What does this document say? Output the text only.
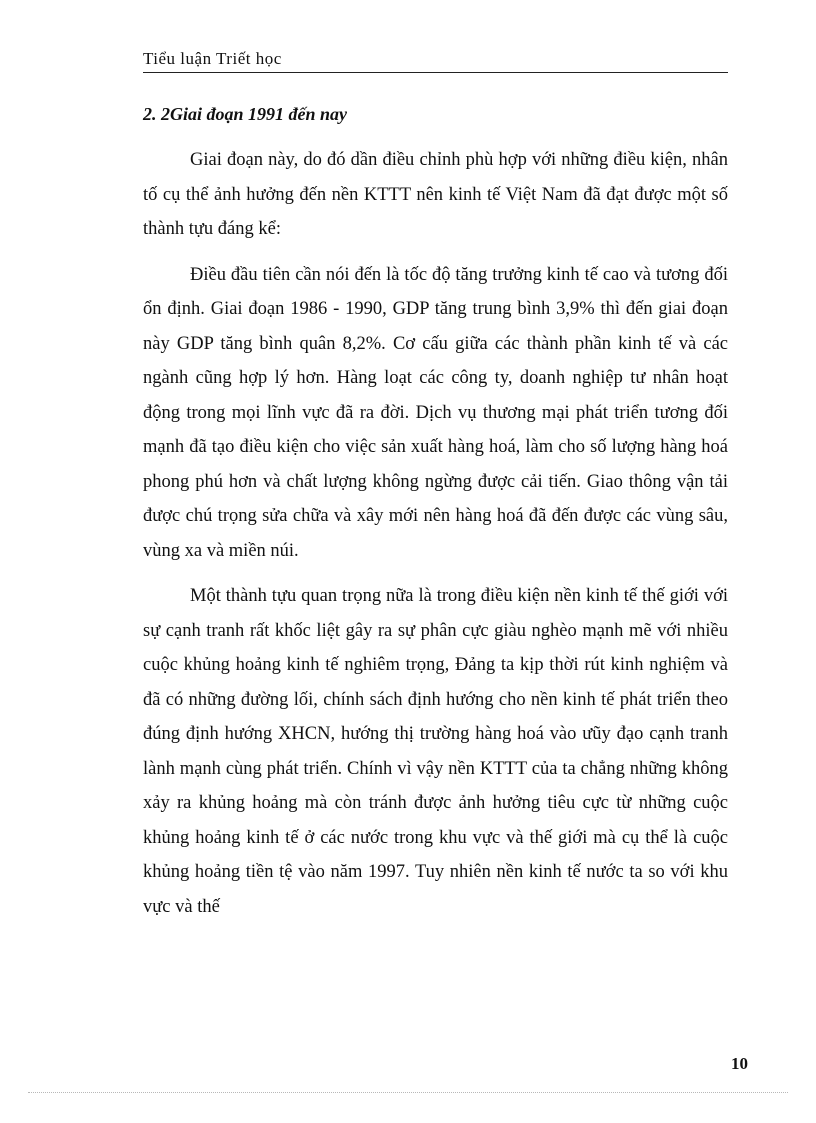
Tiểu luận Triết học
2. 2Giai đoạn 1991 đến nay

Giai đoạn này, do đó dần điều chỉnh phù hợp với những điều kiện, nhân tố cụ thể ảnh hưởng đến nền KTTT nên kinh tế Việt Nam đã đạt được một số thành tựu đáng kể:

Điều đầu tiên cần nói đến là tốc độ tăng trưởng kinh tế cao và tương đối ổn định. Giai đoạn 1986 - 1990, GDP tăng trung bình 3,9% thì đến giai đoạn này GDP tăng bình quân 8,2%. Cơ cấu giữa các thành phần kinh tế và các ngành cũng hợp lý hơn. Hàng loạt các công ty, doanh nghiệp tư nhân hoạt động trong mọi lĩnh vực đã ra đời. Dịch vụ thương mại phát triển tương đối mạnh đã tạo điều kiện cho việc sản xuất hàng hoá, làm cho số lượng hàng hoá phong phú hơn và chất lượng không ngừng được cải tiến. Giao thông vận tải được chú trọng sửa chữa và xây mới nên hàng hoá đã đến được các vùng sâu, vùng xa và miền núi.

Một thành tựu quan trọng nữa là trong điều kiện nền kinh tế thế giới với sự cạnh tranh rất khốc liệt gây ra sự phân cực giàu nghèo mạnh mẽ với nhiều cuộc khủng hoảng kinh tế nghiêm trọng, Đảng ta kịp thời rút kinh nghiệm và đã có những đường lối, chính sách định hướng cho nền kinh tế phát triển theo đúng định hướng XHCN, hướng thị trường hàng hoá vào ưũy đạo cạnh tranh lành mạnh cùng phát triển. Chính vì vậy nền KTTT của ta chẳng những không xảy ra khủng hoảng mà còn tránh được ảnh hưởng tiêu cực từ những cuộc khủng hoảng kinh tế ở các nước trong khu vực và thế giới mà cụ thể là cuộc khủng hoảng tiền tệ vào năm 1997. Tuy nhiên nền kinh tế nước ta so với khu vực và thế

10
